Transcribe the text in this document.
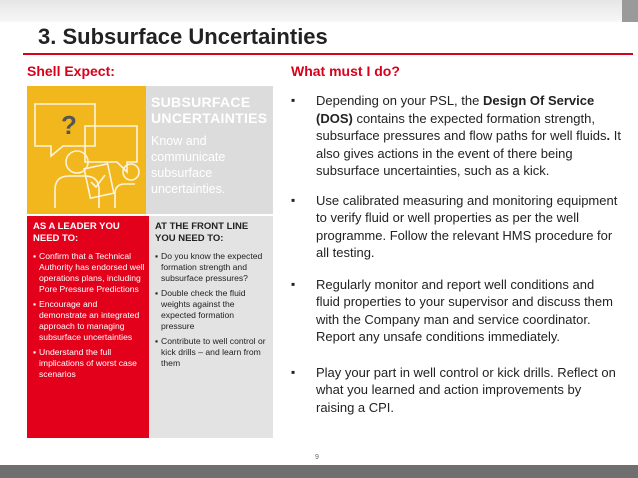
3. Subsurface Uncertainties
Shell Expect:	What must I do?
?
SUBSURFACE
UNCERTAINTIES
Know and
communicate
subsurface
uncertainties.
AS A LEADER YOU NEED TO:
▪ Confirm that a Technical Authority has endorsed well operations plans, including Pore Pressure Predictions
▪ Encourage and demonstrate an integrated approach to managing subsurface uncertainties
▪ Understand the full implications of worst case scenarios
AT THE FRONT LINE YOU NEED TO:
▪ Do you know the expected formation strength and subsurface pressures?
▪ Double check the fluid weights against the expected formation pressure
▪ Contribute to well control or kick drills – and learn from them
▪ Depending on your PSL, the Design Of Service (DOS) contains the expected formation strength, subsurface pressures and flow paths for well fluids. It also gives actions in the event of there being subsurface uncertainties, such as a kick.
▪ Use calibrated measuring and monitoring equipment to verify fluid or well properties as per the well programme. Follow the relevant HMS procedure for all testing.
▪ Regularly monitor and report well conditions and fluid properties to your supervisor and discuss them with the Company man and service coordinator. Report any unsafe conditions immediately.
▪ Play your part in well control or kick drills. Reflect on what you learned and action improvements by raising a CPI.
9
